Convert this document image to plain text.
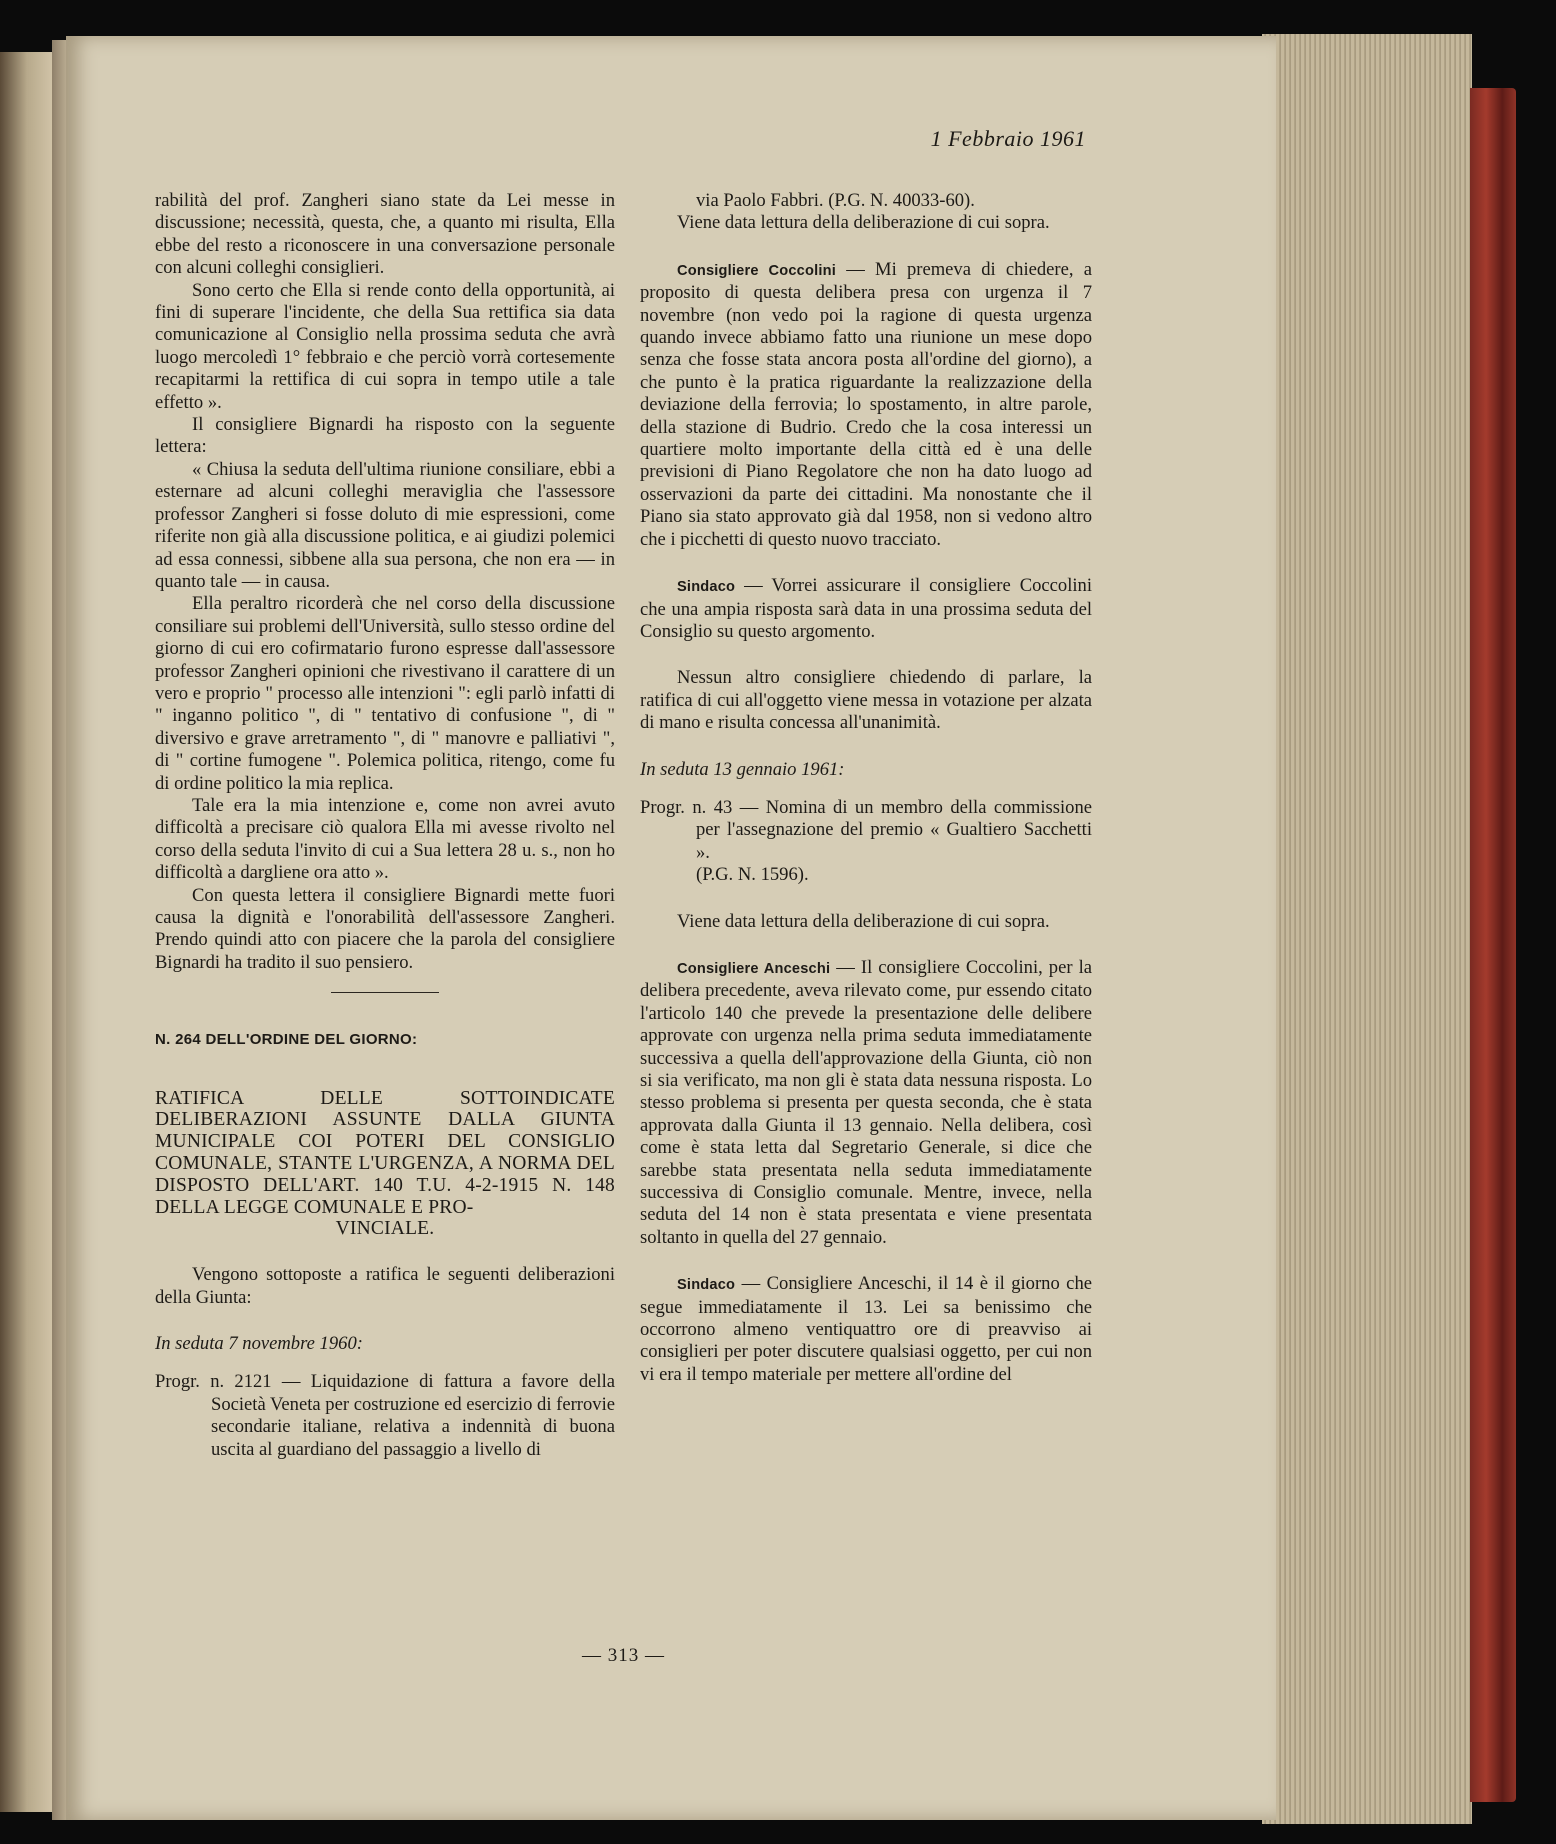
1 Febbraio 1961

rabilità del prof. Zangheri siano state da Lei messe in discussione; necessità, questa, che, a quanto mi risulta, Ella ebbe del resto a riconoscere in una conversazione personale con alcuni colleghi consiglieri.

Sono certo che Ella si rende conto della opportunità, ai fini di superare l'incidente, che della Sua rettifica sia data comunicazione al Consiglio nella prossima seduta che avrà luogo mercoledì 1° febbraio e che perciò vorrà cortesemente recapitarmi la rettifica di cui sopra in tempo utile a tale effetto ».

Il consigliere Bignardi ha risposto con la seguente lettera:

« Chiusa la seduta dell'ultima riunione consiliare, ebbi a esternare ad alcuni colleghi meraviglia che l'assessore professor Zangheri si fosse doluto di mie espressioni, come riferite non già alla discussione politica, e ai giudizi polemici ad essa connessi, sibbene alla sua persona, che non era — in quanto tale — in causa.

Ella peraltro ricorderà che nel corso della discussione consiliare sui problemi dell'Università, sullo stesso ordine del giorno di cui ero cofirmatario furono espresse dall'assessore professor Zangheri opinioni che rivestivano il carattere di un vero e proprio " processo alle intenzioni ": egli parlò infatti di " inganno politico ", di " tentativo di confusione ", di " diversivo e grave arretramento ", di " manovre e palliativi ", di " cortine fumogene ". Polemica politica, ritengo, come fu di ordine politico la mia replica.

Tale era la mia intenzione e, come non avrei avuto difficoltà a precisare ciò qualora Ella mi avesse rivolto nel corso della seduta l'invito di cui a Sua lettera 28 u. s., non ho difficoltà a dargliene ora atto ».

Con questa lettera il consigliere Bignardi mette fuori causa la dignità e l'onorabilità dell'assessore Zangheri. Prendo quindi atto con piacere che la parola del consigliere Bignardi ha tradito il suo pensiero.

N. 264 DELL'ORDINE DEL GIORNO:

RATIFICA DELLE SOTTOINDICATE DELIBERAZIONI ASSUNTE DALLA GIUNTA MUNICIPALE COI POTERI DEL CONSIGLIO COMUNALE, STANTE L'URGENZA, A NORMA DEL DISPOSTO DELL'ART. 140 T.U. 4-2-1915 N. 148 DELLA LEGGE COMUNALE E PRO-

VINCIALE.

Vengono sottoposte a ratifica le seguenti deliberazioni della Giunta:

In seduta 7 novembre 1960:

Progr. n. 2121 — Liquidazione di fattura a favore della Società Veneta per costruzione ed esercizio di ferrovie secondarie italiane, relativa a indennità di buona uscita al guardiano del passaggio a livello di

via Paolo Fabbri. (P.G. N. 40033-60).

Viene data lettura della deliberazione di cui sopra.

Consigliere Coccolini — Mi premeva di chiedere, a proposito di questa delibera presa con urgenza il 7 novembre (non vedo poi la ragione di questa urgenza quando invece abbiamo fatto una riunione un mese dopo senza che fosse stata ancora posta all'ordine del giorno), a che punto è la pratica riguardante la realizzazione della deviazione della ferrovia; lo spostamento, in altre parole, della stazione di Budrio. Credo che la cosa interessi un quartiere molto importante della città ed è una delle previsioni di Piano Regolatore che non ha dato luogo ad osservazioni da parte dei cittadini. Ma nonostante che il Piano sia stato approvato già dal 1958, non si vedono altro che i picchetti di questo nuovo tracciato.

Sindaco — Vorrei assicurare il consigliere Coccolini che una ampia risposta sarà data in una prossima seduta del Consiglio su questo argomento.

Nessun altro consigliere chiedendo di parlare, la ratifica di cui all'oggetto viene messa in votazione per alzata di mano e risulta concessa all'unanimità.

In seduta 13 gennaio 1961:

Progr. n. 43 — Nomina di un membro della commissione per l'assegnazione del premio « Gualtiero Sacchetti ».

(P.G. N. 1596).

Viene data lettura della deliberazione di cui sopra.

Consigliere Anceschi — Il consigliere Coccolini, per la delibera precedente, aveva rilevato come, pur essendo citato l'articolo 140 che prevede la presentazione delle delibere approvate con urgenza nella prima seduta immediatamente successiva a quella dell'approvazione della Giunta, ciò non si sia verificato, ma non gli è stata data nessuna risposta. Lo stesso problema si presenta per questa seconda, che è stata approvata dalla Giunta il 13 gennaio. Nella delibera, così come è stata letta dal Segretario Generale, si dice che sarebbe stata presentata nella seduta immediatamente successiva di Consiglio comunale. Mentre, invece, nella seduta del 14 non è stata presentata e viene presentata soltanto in quella del 27 gennaio.

Sindaco — Consigliere Anceschi, il 14 è il giorno che segue immediatamente il 13. Lei sa benissimo che occorrono almeno ventiquattro ore di preavviso ai consiglieri per poter discutere qualsiasi oggetto, per cui non vi era il tempo materiale per mettere all'ordine del

— 313 —
